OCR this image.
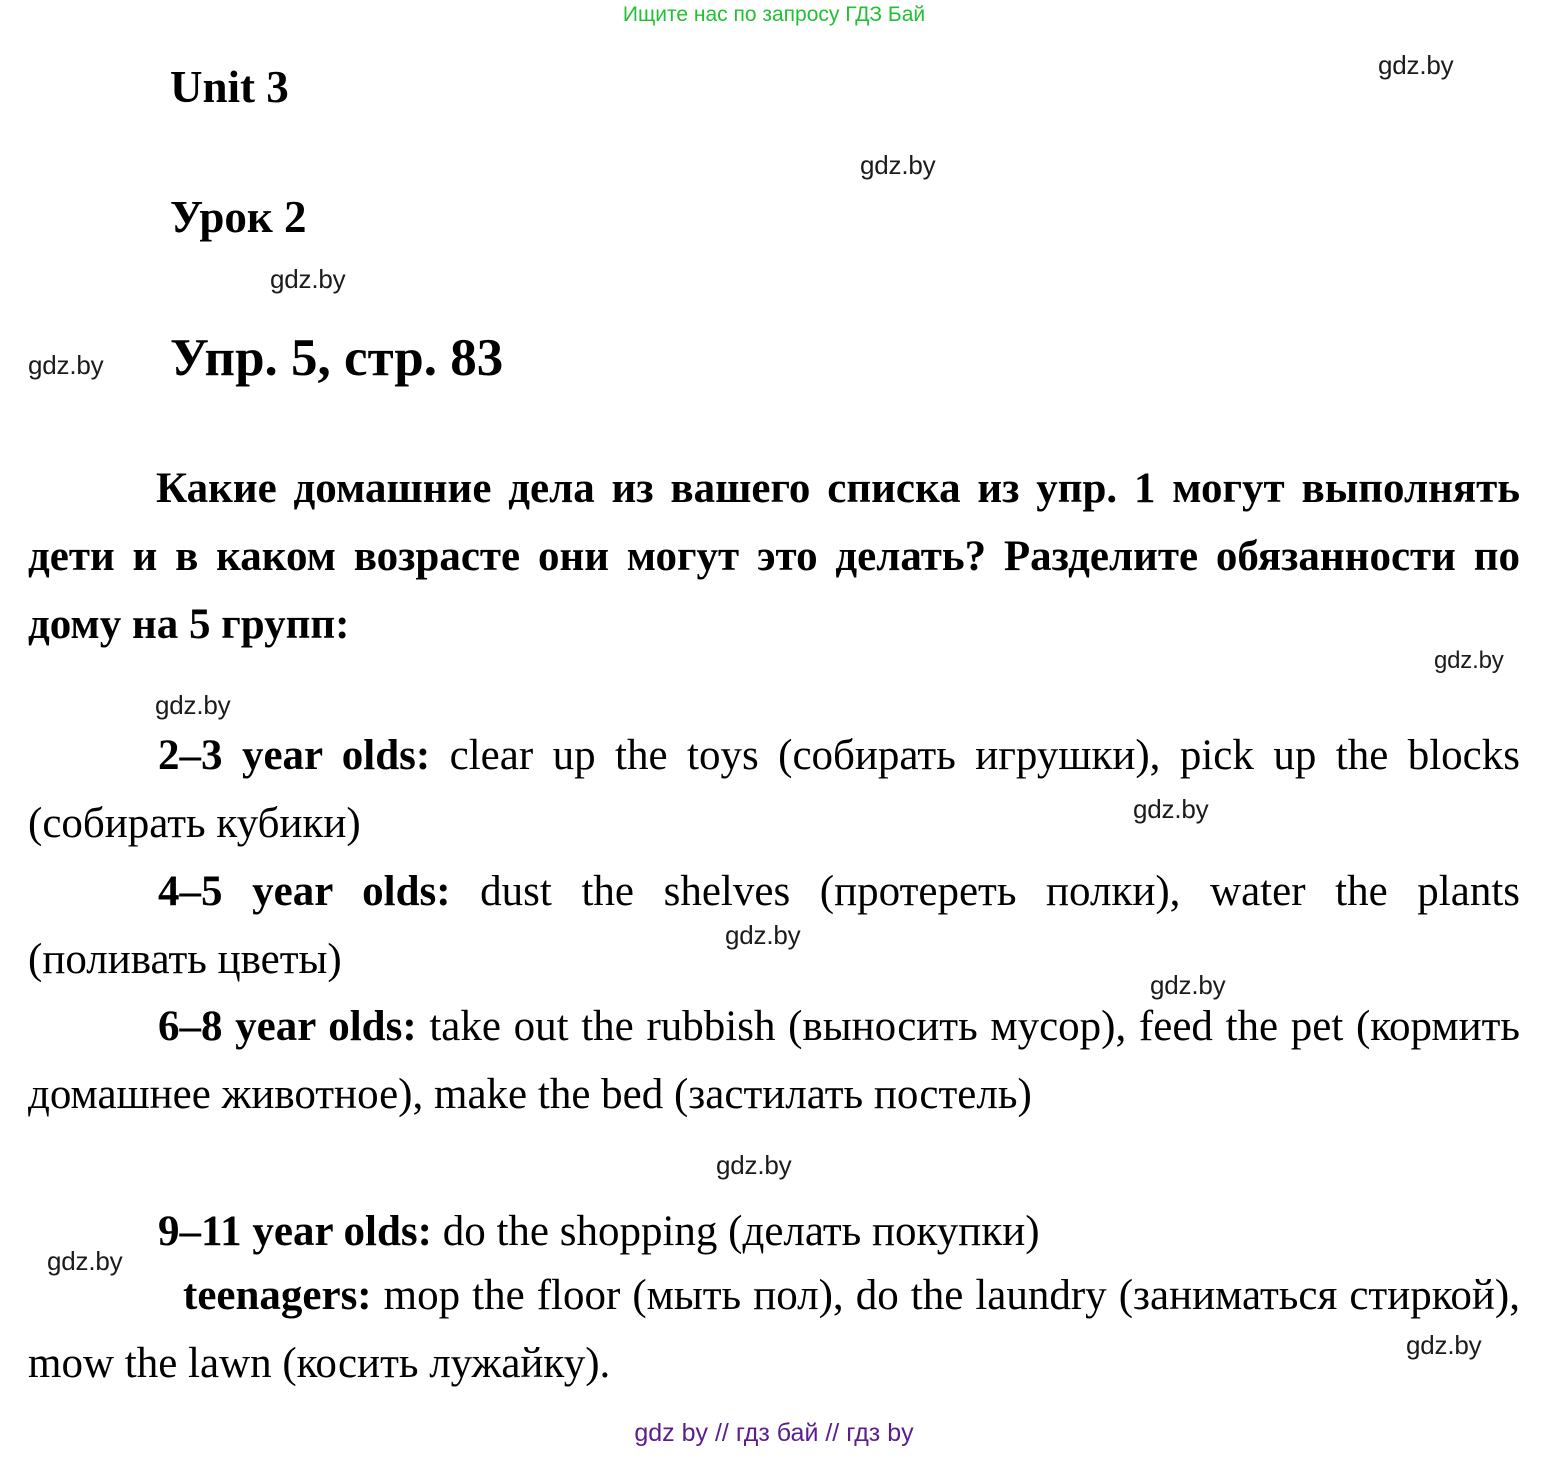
Ищите нас по запросу ГДЗ Бай
Unit 3
Урок 2
Упр. 5, стр. 83
Какие домашние дела из вашего списка из упр. 1 могут выполнять дети и в каком возрасте они могут это делать? Разделите обязанности по дому на 5 групп:
2–3 year olds: clear up the toys (собирать игрушки), pick up the blocks (собирать кубики)
4–5 year olds: dust the shelves (протереть полки), water the plants (поливать цветы)
6–8 year olds: take out the rubbish (выносить мусор), feed the pet (кормить домашнее животное), make the bed (застилать постель)
9–11 year olds: do the shopping (делать покупки)
teenagers: mop the floor (мыть пол), do the laundry (заниматься стиркой), mow the lawn (косить лужайку).
gdz.by
gdz.by
gdz.by
gdz.by
gdz.by
gdz.by
gdz.by
gdz.by
gdz.by
gdz.by
gdz.by
gdz.by
gdz by // гдз бай // гдз by
